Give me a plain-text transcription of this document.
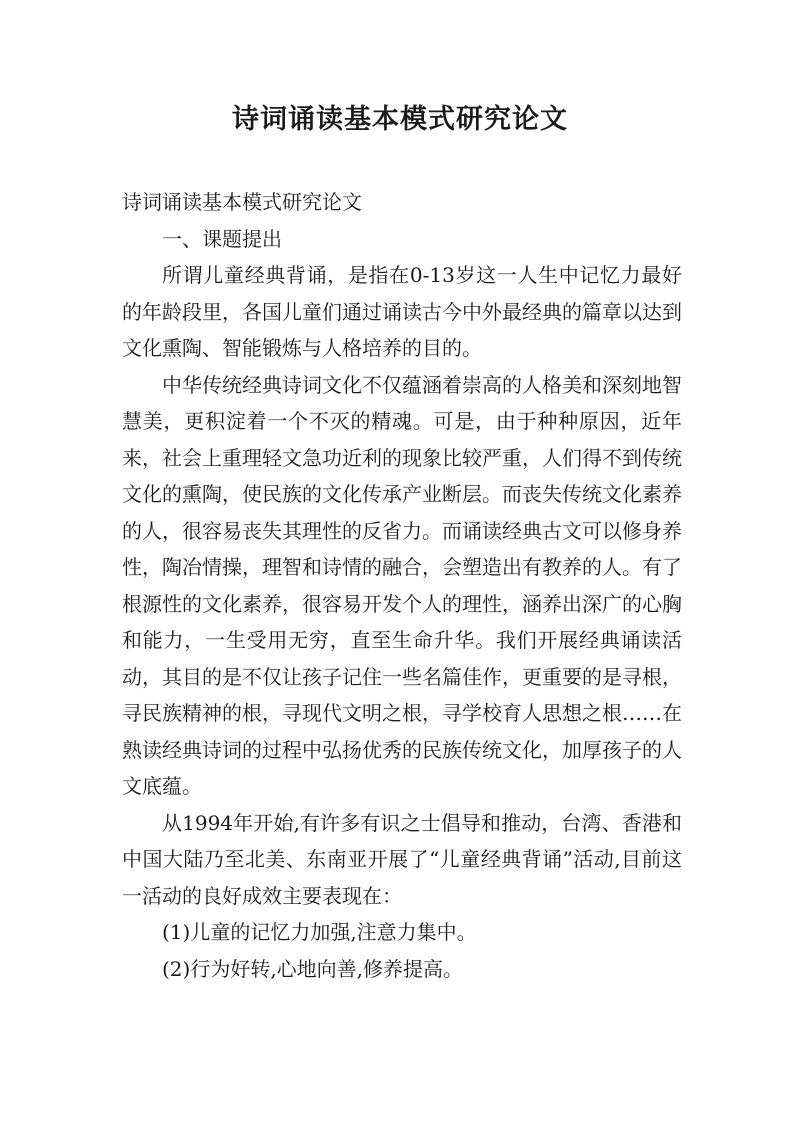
诗词诵读基本模式研究论文

诗词诵读基本模式研究论文

一、课题提出

所谓儿童经典背诵，是指在0-13岁这一人生中记忆力最好的年龄段里，各国儿童们通过诵读古今中外最经典的篇章以达到文化熏陶、智能锻炼与人格培养的目的。

中华传统经典诗词文化不仅蕴涵着崇高的人格美和深刻地智慧美，更积淀着一个不灭的精魂。可是，由于种种原因，近年来，社会上重理轻文急功近利的现象比较严重，人们得不到传统文化的熏陶，使民族的文化传承产业断层。而丧失传统文化素养的人，很容易丧失其理性的反省力。而诵读经典古文可以修身养性，陶冶情操，理智和诗情的融合，会塑造出有教养的人。有了根源性的文化素养，很容易开发个人的理性，涵养出深广的心胸和能力，一生受用无穷，直至生命升华。我们开展经典诵读活动，其目的是不仅让孩子记住一些名篇佳作，更重要的是寻根，寻民族精神的根，寻现代文明之根，寻学校育人思想之根……在熟读经典诗词的过程中弘扬优秀的民族传统文化，加厚孩子的人文底蕴。

从1994年开始,有许多有识之士倡导和推动，台湾、香港和中国大陆乃至北美、东南亚开展了“儿童经典背诵”活动,目前这一活动的良好成效主要表现在：

(1)儿童的记忆力加强,注意力集中。

(2)行为好转,心地向善,修养提高。
